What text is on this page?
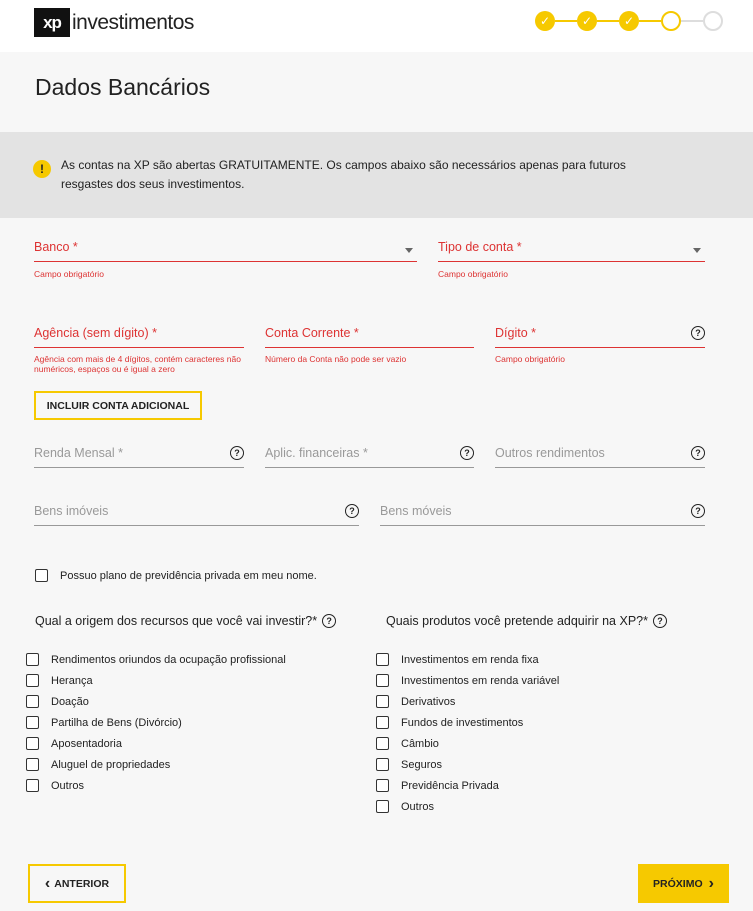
xp investimentos	✓	✓	✓
Dados Bancários
!	As contas na XP são abertas GRATUITAMENTE. Os campos abaixo são necessários apenas para futuros resgastes dos seus investimentos.
Banco *
Campo obrigatório
Tipo de conta *
Campo obrigatório
Agência (sem dígito) *
Agência com mais de 4 dígitos, contém caracteres não numéricos, espaços ou é igual a zero
Conta Corrente *
Número da Conta não pode ser vazio
Dígito *	?
Campo obrigatório
INCLUIR CONTA ADICIONAL
Renda Mensal *	?	Aplic. financeiras *	?	Outros rendimentos	?
Bens imóveis	?	Bens móveis	?
Possuo plano de previdência privada em meu nome.
Qual a origem dos recursos que você vai investir?*	?
Rendimentos oriundos da ocupação profissional
Herança
Doação
Partilha de Bens (Divórcio)
Aposentadoria
Aluguel de propriedades
Outros
Quais produtos você pretende adquirir na XP?*	?
Investimentos em renda fixa
Investimentos em renda variável
Derivativos
Fundos de investimentos
Câmbio
Seguros
Previdência Privada
Outros
‹ ANTERIOR	PRÓXIMO ›
